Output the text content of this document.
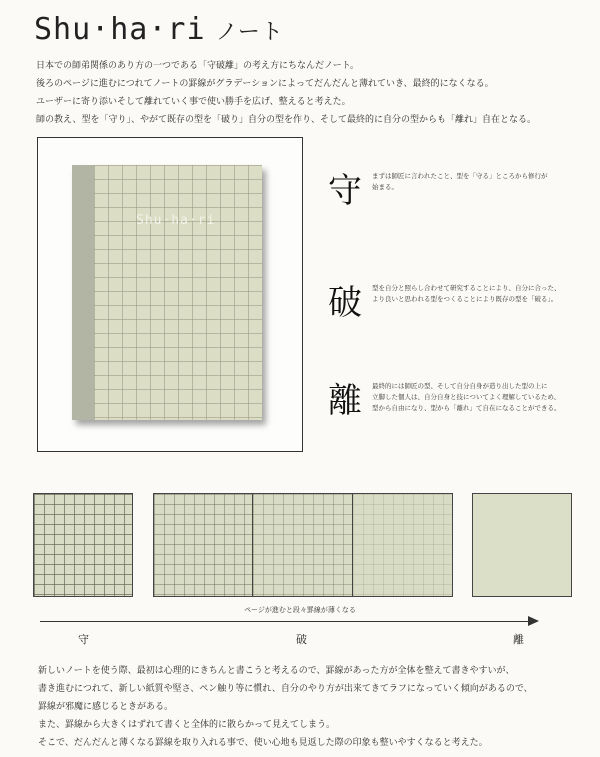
Shu·ha·ri ノート

日本での師弟関係のあり方の一つである「守破離」の考え方にちなんだノート。

後ろのページに進むにつれてノートの罫線がグラデーションによってだんだんと薄れていき、最終的になくなる。

ユーザーに寄り添いそして離れていく事で使い勝手を広げ、整えると考えた。

師の教え、型を「守り」、やがて既存の型を「破り」自分の型を作り、そして最終的に自分の型からも「離れ」自在となる。

Shu·ha·ri
守 まずは師匠に言われたこと、型を「守る」ところから修行が
始まる。
破 型を自分と照らし合わせて研究することにより、自分に合った、
より良いと思われる型をつくることにより既存の型を「破る」。
離 最終的には師匠の型、そして自分自身が造り出した型の上に
立脚した個人は、自分自身と技についてよく理解しているため、
型から自由になり、型から「離れ」て自在になることができる。
ページが進むと段々罫線が薄くなる
守	破	離

新しいノートを使う際、最初は心理的にきちんと書こうと考えるので、罫線があった方が全体を整えて書きやすいが、

書き進むにつれて、新しい紙質や堅さ、ペン触り等に慣れ、自分のやり方が出来てきてラフになっていく傾向があるので、

罫線が邪魔に感じるときがある。

また、罫線から大きくはずれて書くと全体的に散らかって見えてしまう。

そこで、だんだんと薄くなる罫線を取り入れる事で、使い心地も見返した際の印象も整いやすくなると考えた。
